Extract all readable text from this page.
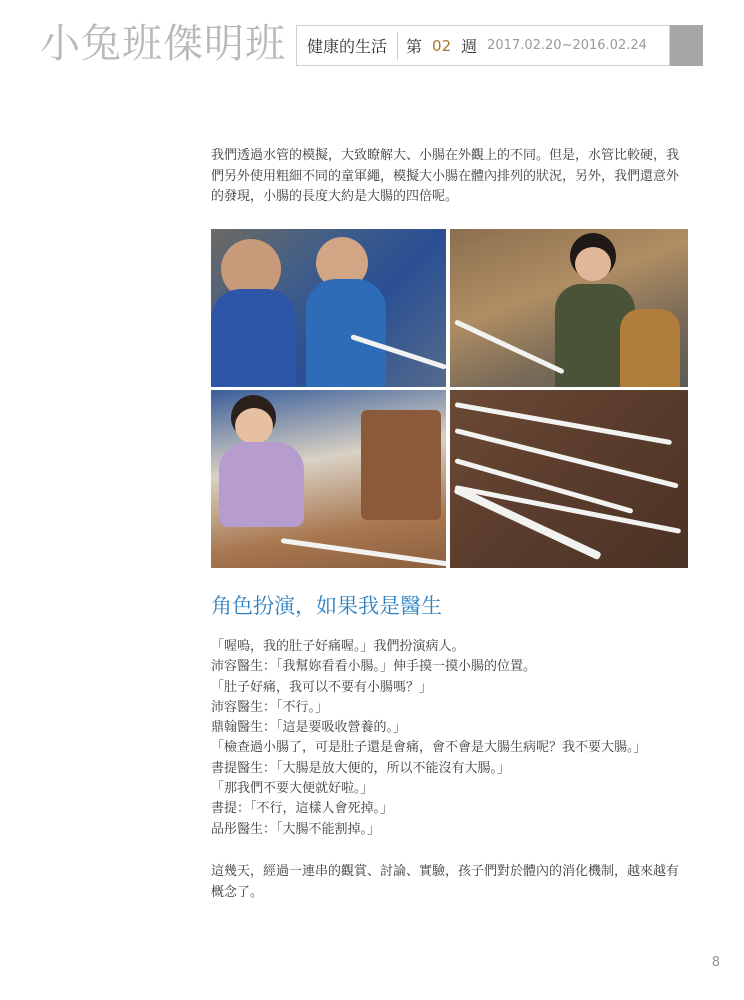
小兔班傑明班 健康的生活 第 02 週 2017.02.20~2016.02.24
我們透過水管的模擬，大致瞭解大、小腸在外觀上的不同。但是，水管比較硬，我們另外使用粗細不同的童軍繩，模擬大小腸在體內排列的狀況，另外，我們還意外的發現，小腸的長度大約是大腸的四倍呢。
角色扮演，如果我是醫生
「喔嗚，我的肚子好痛喔。」我們扮演病人。
沛容醫生：「我幫妳看看小腸。」伸手摸一摸小腸的位置。
「肚子好痛，我可以不要有小腸嗎？」
沛容醫生：「不行。」
鼎翰醫生：「這是要吸收營養的。」
「檢查過小腸了，可是肚子還是會痛，會不會是大腸生病呢？我不要大腸。」
書提醫生：「大腸是放大便的，所以不能沒有大腸。」
「那我們不要大便就好啦。」
書提：「不行，這樣人會死掉。」
品彤醫生：「大腸不能割掉。」
這幾天，經過一連串的觀賞、討論、實驗，孩子們對於體內的消化機制，越來越有概念了。
8
